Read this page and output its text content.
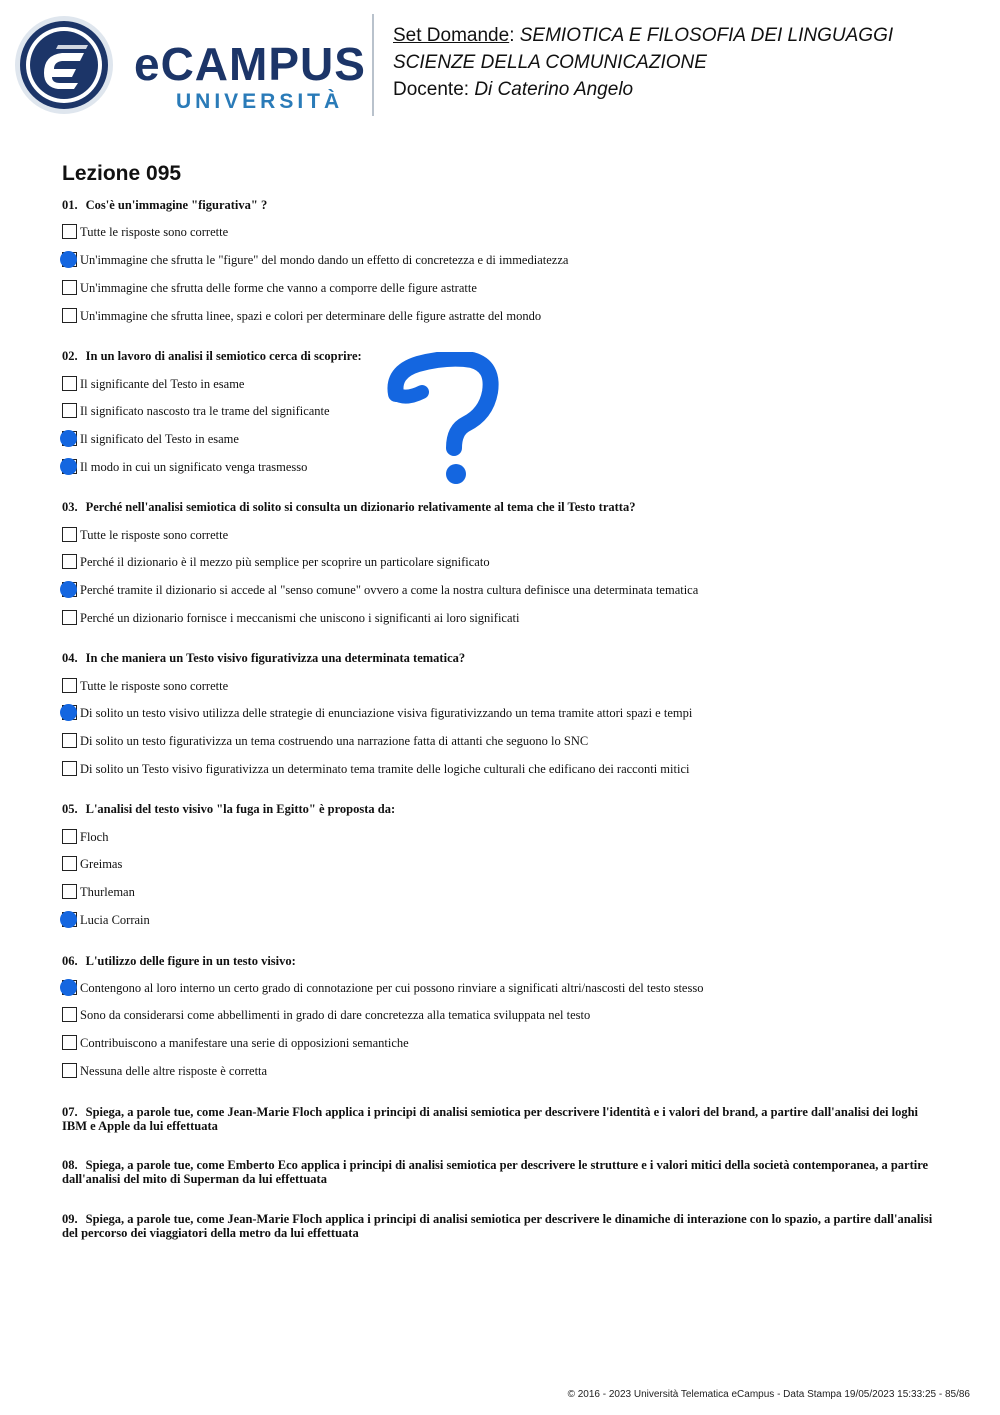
eCAMPUS
UNIVERSITÀ
Set Domande: SEMIOTICA E FILOSOFIA DEI LINGUAGGI
SCIENZE DELLA COMUNICAZIONE
Docente: Di Caterino Angelo
Lezione 095
01. Cos'è un'immagine "figurativa" ?
Tutte le risposte sono corrette
Un'immagine che sfrutta le "figure" del mondo dando un effetto di concretezza e di immediatezza
Un'immagine che sfrutta delle forme che vanno a comporre delle figure astratte
Un'immagine che sfrutta linee, spazi e colori per determinare delle figure astratte del mondo
02. In un lavoro di analisi il semiotico cerca di scoprire:
Il significante del Testo in esame
Il significato nascosto tra le trame del significante
Il significato del Testo in esame
Il modo in cui un significato venga trasmesso
03. Perché nell'analisi semiotica di solito si consulta un dizionario relativamente al tema che il Testo tratta?
Tutte le risposte sono corrette
Perché il dizionario è il mezzo più semplice per scoprire un particolare significato
Perché tramite il dizionario si accede al "senso comune" ovvero a come la nostra cultura definisce una determinata tematica
Perché un dizionario fornisce i meccanismi che uniscono i significanti ai loro significati
04. In che maniera un Testo visivo figurativizza una determinata tematica?
Tutte le risposte sono corrette
Di solito un testo visivo utilizza delle strategie di enunciazione visiva figurativizzando un tema tramite attori spazi e tempi
Di solito un testo figurativizza un tema costruendo una narrazione fatta di attanti che seguono lo SNC
Di solito un Testo visivo figurativizza un determinato tema tramite delle logiche culturali che edificano dei racconti mitici
05. L'analisi del testo visivo "la fuga in Egitto" è proposta da:
Floch
Greimas
Thurleman
Lucia Corrain
06. L'utilizzo delle figure in un testo visivo:
Contengono al loro interno un certo grado di connotazione per cui possono rinviare a significati altri/nascosti del testo stesso
Sono da considerarsi come abbellimenti in grado di dare concretezza alla tematica sviluppata nel testo
Contribuiscono a manifestare una serie di opposizioni semantiche
Nessuna delle altre risposte è corretta
07. Spiega, a parole tue, come Jean-Marie Floch applica i principi di analisi semiotica per descrivere l'identità e i valori del brand, a partire dall'analisi dei loghi IBM e Apple da lui effettuata
08. Spiega, a parole tue, come Emberto Eco applica i principi di analisi semiotica per descrivere le strutture e i valori mitici della società contemporanea, a partire dall'analisi del mito di Superman da lui effettuata
09. Spiega, a parole tue, come Jean-Marie Floch applica i principi di analisi semiotica per descrivere le dinamiche di interazione con lo spazio, a partire dall'analisi del percorso dei viaggiatori della metro da lui effettuata
© 2016 - 2023 Università Telematica eCampus - Data Stampa 19/05/2023 15:33:25 - 85/86
